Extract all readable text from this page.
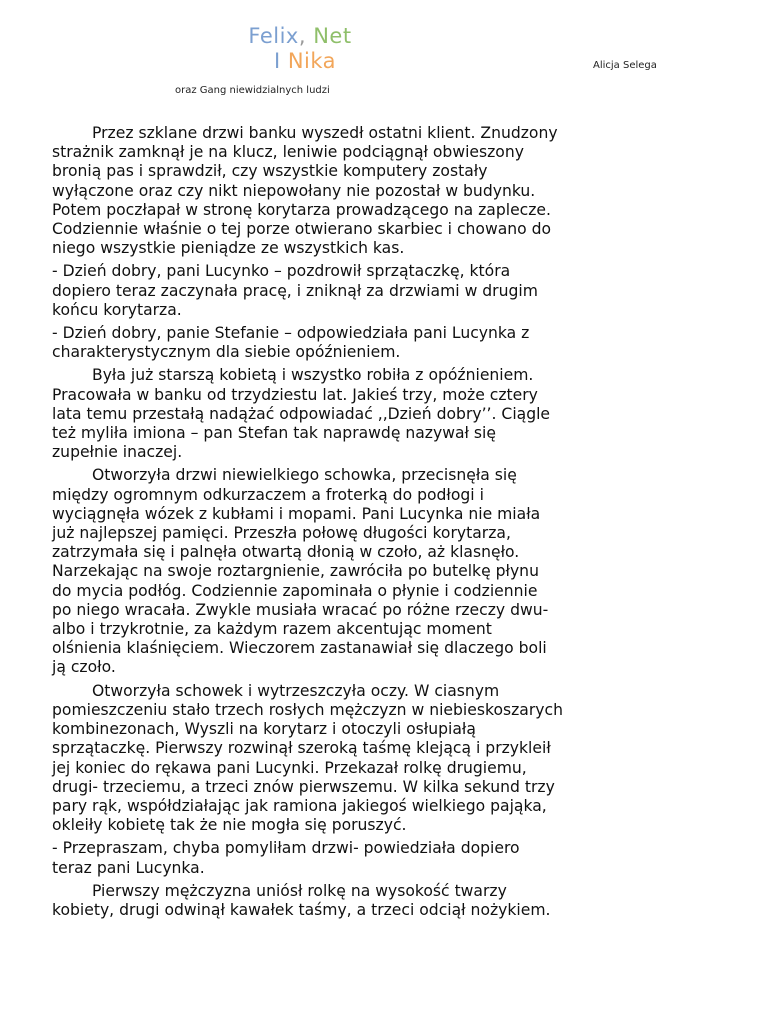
Felix, Net
I Nika	Alicja Selega
oraz Gang niewidzialnych ludzi

Przez szklane drzwi banku wyszedł ostatni klient. Znudzony
strażnik zamknął je na klucz, leniwie podciągnął obwieszony
bronią pas i sprawdził, czy wszystkie komputery zostały
wyłączone oraz czy nikt niepowołany nie pozostał w budynku.
Potem poczłapał w stronę korytarza prowadzącego na zaplecze.
Codziennie właśnie o tej porze otwierano skarbiec i chowano do
niego wszystkie pieniądze ze wszystkich kas.

- Dzień dobry, pani Lucynko – pozdrowił sprzątaczkę, która
dopiero teraz zaczynała pracę, i zniknął za drzwiami w drugim
końcu korytarza.

- Dzień dobry, panie Stefanie – odpowiedziała pani Lucynka z
charakterystycznym dla siebie opóźnieniem.

Była już starszą kobietą i wszystko robiła z opóźnieniem.
Pracowała w banku od trzydziestu lat. Jakieś trzy, może cztery
lata temu przestałą nadążać odpowiadać ,,Dzień dobry’’. Ciągle
też myliła imiona – pan Stefan tak naprawdę nazywał się
zupełnie inaczej.

Otworzyła drzwi niewielkiego schowka, przecisnęła się
między ogromnym odkurzaczem a froterką do podłogi i
wyciągnęła wózek z kubłami i mopami. Pani Lucynka nie miała
już najlepszej pamięci. Przeszła połowę długości korytarza,
zatrzymała się i palnęła otwartą dłonią w czoło, aż klasnęło.
Narzekając na swoje roztargnienie, zawróciła po butelkę płynu
do mycia podłóg. Codziennie zapominała o płynie i codziennie
po niego wracała. Zwykle musiała wracać po różne rzeczy dwu-
albo i trzykrotnie, za każdym razem akcentując moment
olśnienia klaśnięciem. Wieczorem zastanawiał się dlaczego boli
ją czoło.

Otworzyła schowek i wytrzeszczyła oczy. W ciasnym
pomieszczeniu stało trzech rosłych mężczyzn w niebieskoszarych
kombinezonach, Wyszli na korytarz i otoczyli osłupiałą
sprzątaczkę. Pierwszy rozwinął szeroką taśmę klejącą i przykleił
jej koniec do rękawa pani Lucynki. Przekazał rolkę drugiemu,
drugi- trzeciemu, a trzeci znów pierwszemu. W kilka sekund trzy
pary rąk, współdziałając jak ramiona jakiegoś wielkiego pająka,
okleiły kobietę tak że nie mogła się poruszyć.

- Przepraszam, chyba pomyliłam drzwi- powiedziała dopiero
teraz pani Lucynka.

Pierwszy mężczyzna uniósł rolkę na wysokość twarzy
kobiety, drugi odwinął kawałek taśmy, a trzeci odciął nożykiem.
